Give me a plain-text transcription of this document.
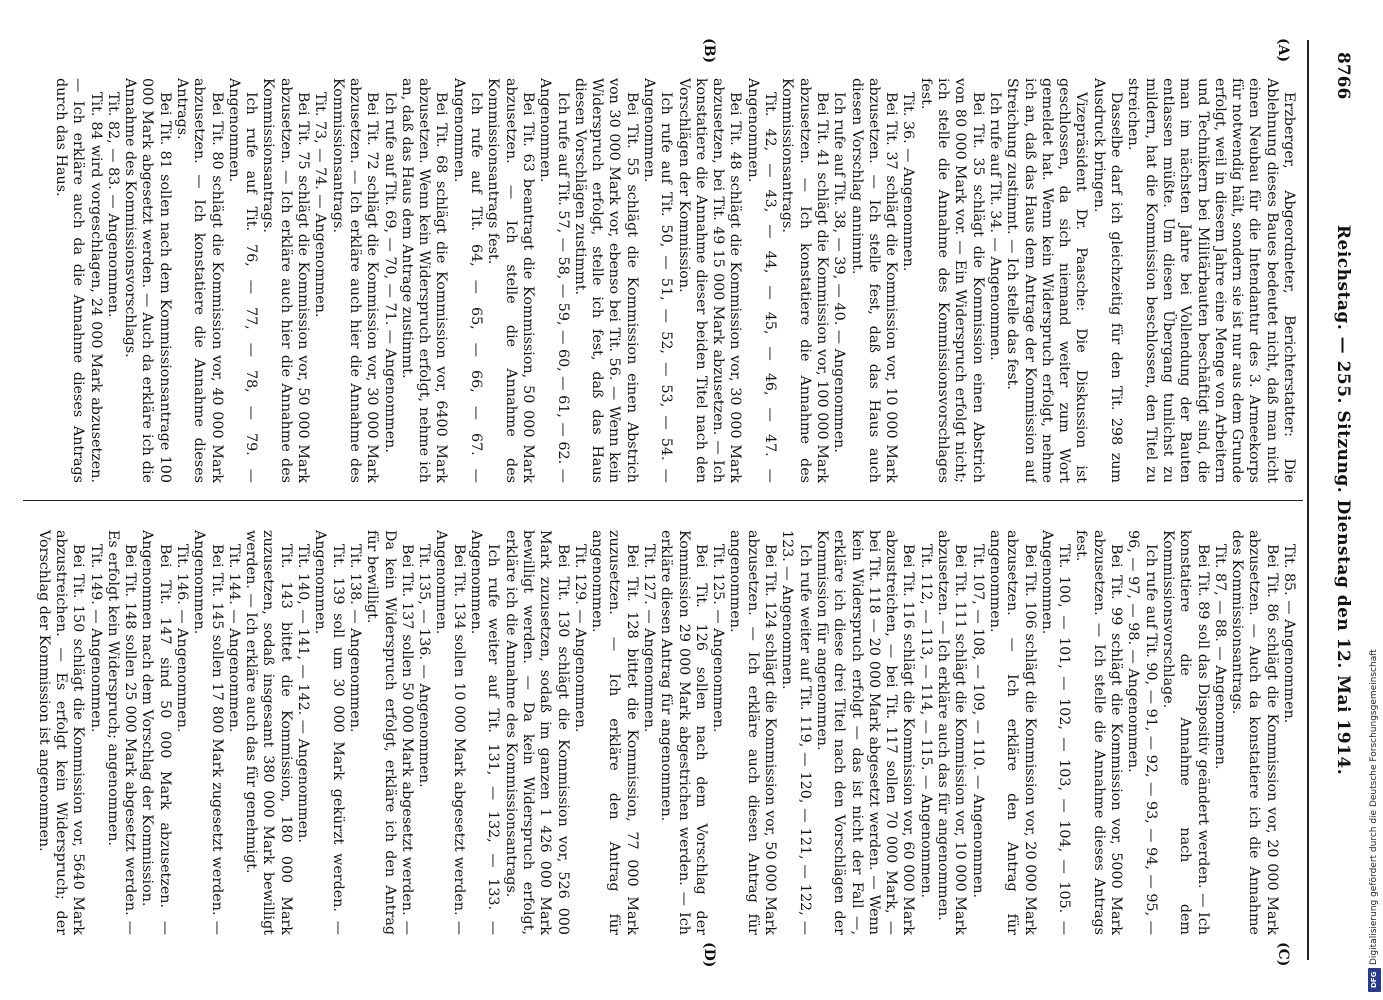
8766
Reichstag. — 255. Sitzung. Dienstag den 12. Mai 1914.
(A)
(B)
(C)
(D)

Erzberger, Abgeordneter, Berichterstatter: Die Ablehnung dieses Baues bedeutet nicht, daß man nicht einen Neubau für die Intendantur des 3. Armeekorps für notwendig hält, sondern sie ist nur aus dem Grunde erfolgt, weil in diesem Jahre eine Menge von Arbeitern und Technikern bei Militärbauten beschäftigt sind, die man im nächsten Jahre bei Vollendung der Bauten entlassen müßte. Um diesen Übergang tunlichst zu mildern, hat die Kommission beschlossen, den Titel zu streichen.

Dasselbe darf ich gleichzeitig für den Tit. 298 zum Ausdruck bringen.

Vizepräsident Dr. Paasche: Die Diskussion ist geschlossen, da sich niemand weiter zum Wort gemeldet hat. Wenn kein Widerspruch erfolgt, nehme ich an, daß das Haus dem Antrage der Kommission auf Streichung zustimmt. — Ich stelle das fest.

Ich rufe auf Tit. 34. — Angenommen.

Bei Tit. 35 schlägt die Kommission einen Abstrich von 80 000 Mark vor. — Ein Widerspruch erfolgt nicht; ich stelle die Annahme des Kommissionsvorschlages fest.

Tit. 36. — Angenommen.

Bei Tit. 37 schlägt die Kommission vor, 10 000 Mark abzusetzen. — Ich stelle fest, daß das Haus auch diesen Vorschlag annimmt.

Ich rufe auf Tit. 38, — 39, — 40. — Angenommen.

Bei Tit. 41 schlägt die Kommission vor, 100 000 Mark abzusetzen. — Ich konstatiere die Annahme des Kommissionsantrags.

Tit. 42, — 43, — 44, — 45, — 46, — 47. — Angenommen.

Bei Tit. 48 schlägt die Kommission vor, 30 000 Mark abzusetzen, bei Tit. 49 15 000 Mark abzusetzen. — Ich konstatiere die Annahme dieser beiden Titel nach den Vorschlägen der Kommission.

Ich rufe auf Tit. 50, — 51, — 52, — 53, — 54. — Angenommen.

Bei Tit. 55 schlägt die Kommission einen Abstrich von 30 000 Mark vor, ebenso bei Tit. 56. — Wenn kein Widerspruch erfolgt, stelle ich fest, daß das Haus diesen Vorschlägen zustimmt.

Ich rufe auf Tit. 57, — 58, — 59, — 60, — 61, — 62. — Angenommen.

Bei Tit. 63 beantragt die Kommission, 50 000 Mark abzusetzen. — Ich stelle die Annahme des Kommissionsantrags fest.

Ich rufe auf Tit. 64, — 65, — 66, — 67. — Angenommen.

Bei Tit. 68 schlägt die Kommission vor, 6400 Mark abzusetzen. Wenn kein Widerspruch erfolgt, nehme ich an, daß das Haus dem Antrage zustimmt.

Ich rufe auf Tit. 69, — 70, — 71. — Angenommen.

Bei Tit. 72 schlägt die Kommission vor, 30 000 Mark abzusetzen. — Ich erkläre auch hier die Annahme des Kommissionsantrags.

Tit. 73, — 74. — Angenommen.

Bei Tit. 75 schlägt die Kommission vor, 50 000 Mark abzusetzen. — Ich erkläre auch hier die Annahme des Kommissionsantrags.

Ich rufe auf Tit. 76, — 77, — 78, — 79. — Angenommen.

Bei Tit. 80 schlägt die Kommission vor, 40 000 Mark abzusetzen. — Ich konstatiere die Annahme dieses Antrags.

Bei Tit. 81 sollen nach dem Kommissionsantrage 100 000 Mark abgesetzt werden. — Auch da erkläre ich die Annahme des Kommissionsvorschlags.

Tit. 82, — 83. — Angenommen.

Tit. 84 wird vorgeschlagen, 24 000 Mark abzusetzen. — Ich erkläre auch da die Annahme dieses Antrags durch das Haus.

Tit. 85. — Angenommen.

Bei Tit. 86 schlägt die Kommission vor, 20 000 Mark abzusetzen. — Auch da konstatiere ich die Annahme des Kommissionsantrags.

Tit. 87, — 88. — Angenommen.

Bei Tit. 89 soll das Dispositiv geändert werden. — Ich konstatiere die Annahme nach dem Kommissionsvorschlage.

Ich rufe auf Tit. 90, — 91, — 92, — 93, — 94, — 95, — 96, — 97, — 98. — Angenommen.

Bei Tit. 99 schlägt die Kommission vor, 5000 Mark abzusetzen. — Ich stelle die Annahme dieses Antrags fest.

Tit. 100, — 101, — 102, — 103, — 104, — 105. — Angenommen.

Bei Tit. 106 schlägt die Kommission vor, 20 000 Mark abzusetzen. — Ich erkläre den Antrag für angenommen.

Tit. 107, — 108, — 109, — 110. — Angenommen.

Bei Tit. 111 schlägt die Kommission vor, 10 000 Mark abzusetzen. — Ich erkläre auch das für angenommen.

Tit. 112, — 113, — 114, — 115. — Angenommen.

Bei Tit. 116 schlägt die Kommission vor, 60 000 Mark abzustreichen, — bei Tit. 117 sollen 70 000 Mark, — bei Tit. 118 — 20 000 Mark abgesetzt werden. — Wenn kein Widerspruch erfolgt — das ist nicht der Fall —, erkläre ich diese drei Titel nach den Vorschlägen der Kommission für angenommen.

Ich rufe weiter auf Tit. 119, — 120, — 121, — 122, — 123. — Angenommen.

Bei Tit. 124 schlägt die Kommission vor, 50 000 Mark abzusetzen. — Ich erkläre auch diesen Antrag für angenommen.

Tit. 125. — Angenommen.

Bei Tit. 126 sollen nach dem Vorschlag der Kommission 29 000 Mark abgestrichen werden. — Ich erkläre diesen Antrag für angenommen.

Tit. 127. — Angenommen.

Bei Tit. 128 bittet die Kommission, 77 000 Mark zuzusetzen. — Ich erkläre den Antrag für angenommen.

Tit. 129. — Angenommen.

Bei Tit. 130 schlägt die Kommission vor, 526 000 Mark zuzusetzen, sodaß im ganzen 1 426 000 Mark bewilligt werden. — Da kein Widerspruch erfolgt, erkläre ich die Annahme des Kommissionsantrags.

Ich rufe weiter auf Tit. 131, — 132, — 133. — Angenommen.

Bei Tit. 134 sollen 10 000 Mark abgesetzt werden. — Angenommen.

Tit. 135, — 136. — Angenommen.

Bei Tit. 137 sollen 50 000 Mark abgesetzt werden. — Da kein Widerspruch erfolgt, erkläre ich den Antrag für bewilligt.

Tit. 138. — Angenommen.

Tit. 139 soll um 30 000 Mark gekürzt werden. — Angenommen.

Tit. 140, — 141, — 142. — Angenommen.

Tit. 143 bittet die Kommission, 180 000 Mark zuzusetzen, sodaß insgesamt 380 000 Mark bewilligt werden. — Ich erkläre auch das für genehmigt.

Tit. 144. — Angenommen.

Bei Tit. 145 sollen 17 800 Mark zugesetzt werden. — Angenommen.

Tit. 146. — Angenommen.

Bei Tit. 147 sind 50 000 Mark abzusetzen. — Angenommen nach dem Vorschlag der Kommission.

Bei Tit. 148 sollen 25 000 Mark abgesetzt werden. — Es erfolgt kein Widerspruch; angenommen.

Tit. 149. — Angenommen.

Bei Tit. 150 schlägt die Kommission vor, 5640 Mark abzustreichen. — Es erfolgt kein Widerspruch; der Vorschlag der Kommission ist angenommen.	Digitalisierung gefördert durch die Deutsche Forschungsgemeinschaft
DFG
